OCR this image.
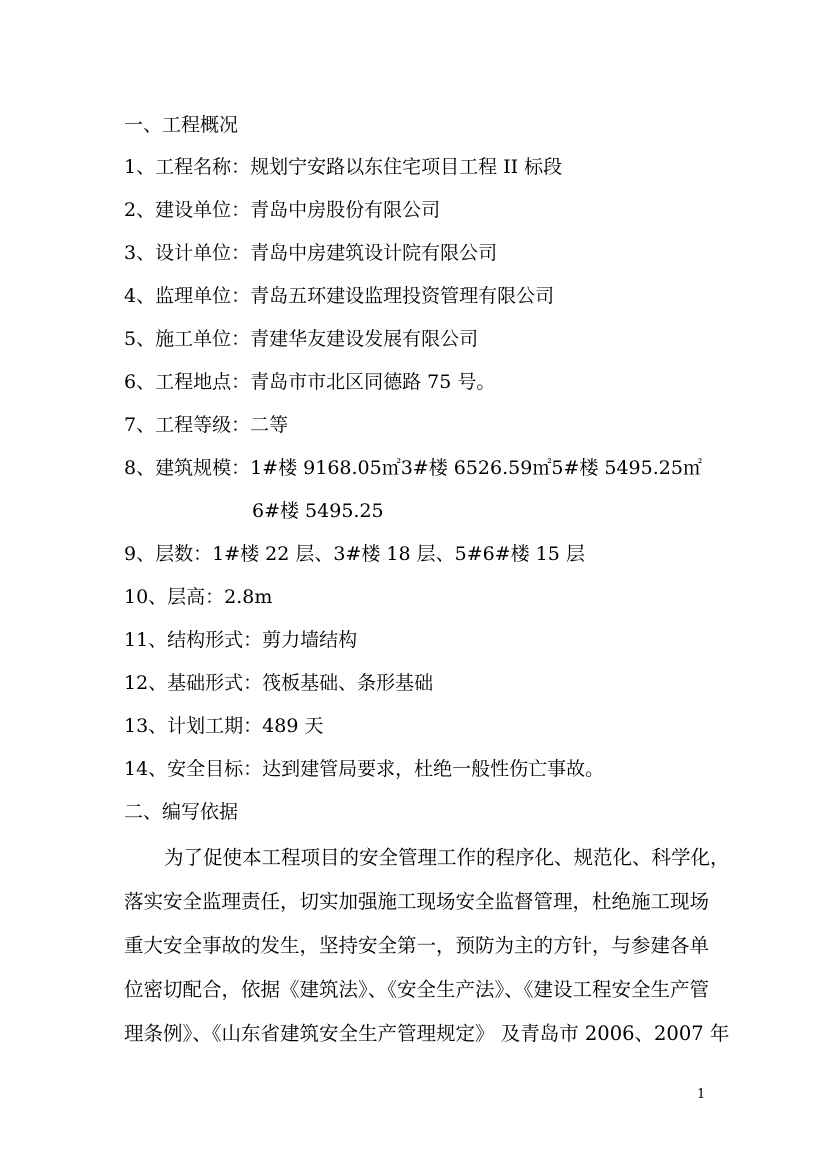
一、工程概况

1、工程名称：规划宁安路以东住宅项目工程 II 标段

2、建设单位：青岛中房股份有限公司

3、设计单位：青岛中房建筑设计院有限公司

4、监理单位：青岛五环建设监理投资管理有限公司

5、施工单位：青建华友建设发展有限公司

6、工程地点：青岛市市北区同德路 75 号。

7、工程等级：二等

8、建筑规模：1#楼 9168.05㎡3#楼 6526.59㎡5#楼 5495.25㎡

6#楼 5495.25

9、层数：1#楼 22 层、3#楼 18 层、5#6#楼 15 层

10、层高：2.8m

11、结构形式：剪力墙结构

12、基础形式：筏板基础、条形基础

13、计划工期：489 天

14、安全目标：达到建管局要求，杜绝一般性伤亡事故。

二、编写依据

为了促使本工程项目的安全管理工作的程序化、规范化、科学化，

落实安全监理责任，切实加强施工现场安全监督管理，杜绝施工现场

重大安全事故的发生，坚持安全第一，预防为主的方针，与参建各单

位密切配合，依据《建筑法》、《安全生产法》、《建设工程安全生产管

理条例》、《山东省建筑安全生产管理规定》 及青岛市 2006、2007 年

1
